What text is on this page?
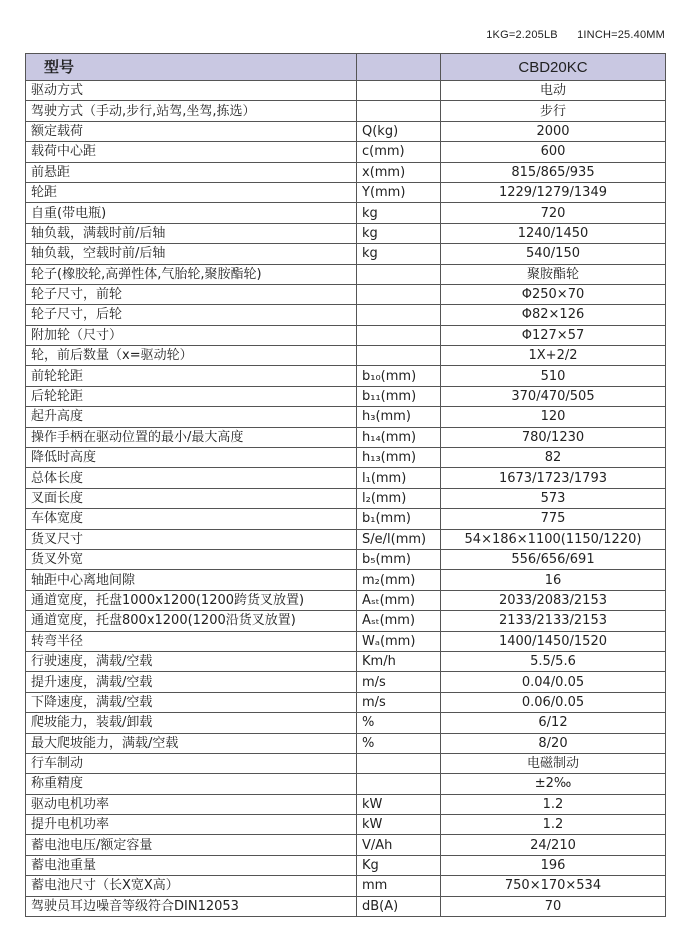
1KG=2.205LB 1INCH=25.40MM
型号		CBD20KC
驱动方式		电动
驾驶方式（手动,步行,站驾,坐驾,拣选）		步行
额定载荷	Q(kg)	2000
载荷中心距	c(mm)	600
前悬距	x(mm)	815/865/935
轮距	Y(mm)	1229/1279/1349
自重(带电瓶)	kg	720
轴负载，满载时前/后轴	kg	1240/1450
轴负载，空载时前/后轴	kg	540/150
轮子(橡胶轮,高弹性体,气胎轮,聚胺酯轮)		聚胺酯轮
轮子尺寸，前轮		Φ250×70
轮子尺寸，后轮		Φ82×126
附加轮（尺寸）		Φ127×57
轮，前后数量（x=驱动轮）		1X+2/2
前轮轮距	b₁₀(mm)	510
后轮轮距	b₁₁(mm)	370/470/505
起升高度	h₃(mm)	120
操作手柄在驱动位置的最小/最大高度	h₁₄(mm)	780/1230
降低时高度	h₁₃(mm)	82
总体长度	l₁(mm)	1673/1723/1793
叉面长度	l₂(mm)	573
车体宽度	b₁(mm)	775
货叉尺寸	S/e/l(mm)	54×186×1100(1150/1220)
货叉外宽	b₅(mm)	556/656/691
轴距中心离地间隙	m₂(mm)	16
通道宽度，托盘1000x1200(1200跨货叉放置)	Aₛₜ(mm)	2033/2083/2153
通道宽度，托盘800x1200(1200沿货叉放置)	Aₛₜ(mm)	2133/2133/2153
转弯半径	Wₐ(mm)	1400/1450/1520
行驶速度，满载/空载	Km/h	5.5/5.6
提升速度，满载/空载	m/s	0.04/0.05
下降速度，满载/空载	m/s	0.06/0.05
爬坡能力，装载/卸载	%	6/12
最大爬坡能力，满载/空载	%	8/20
行车制动		电磁制动
称重精度		±2‰
驱动电机功率	kW	1.2
提升电机功率	kW	1.2
蓄电池电压/额定容量	V/Ah	24/210
蓄电池重量	Kg	196
蓄电池尺寸（长X宽X高）	mm	750×170×534
驾驶员耳边噪音等级符合DIN12053	dB(A)	70
